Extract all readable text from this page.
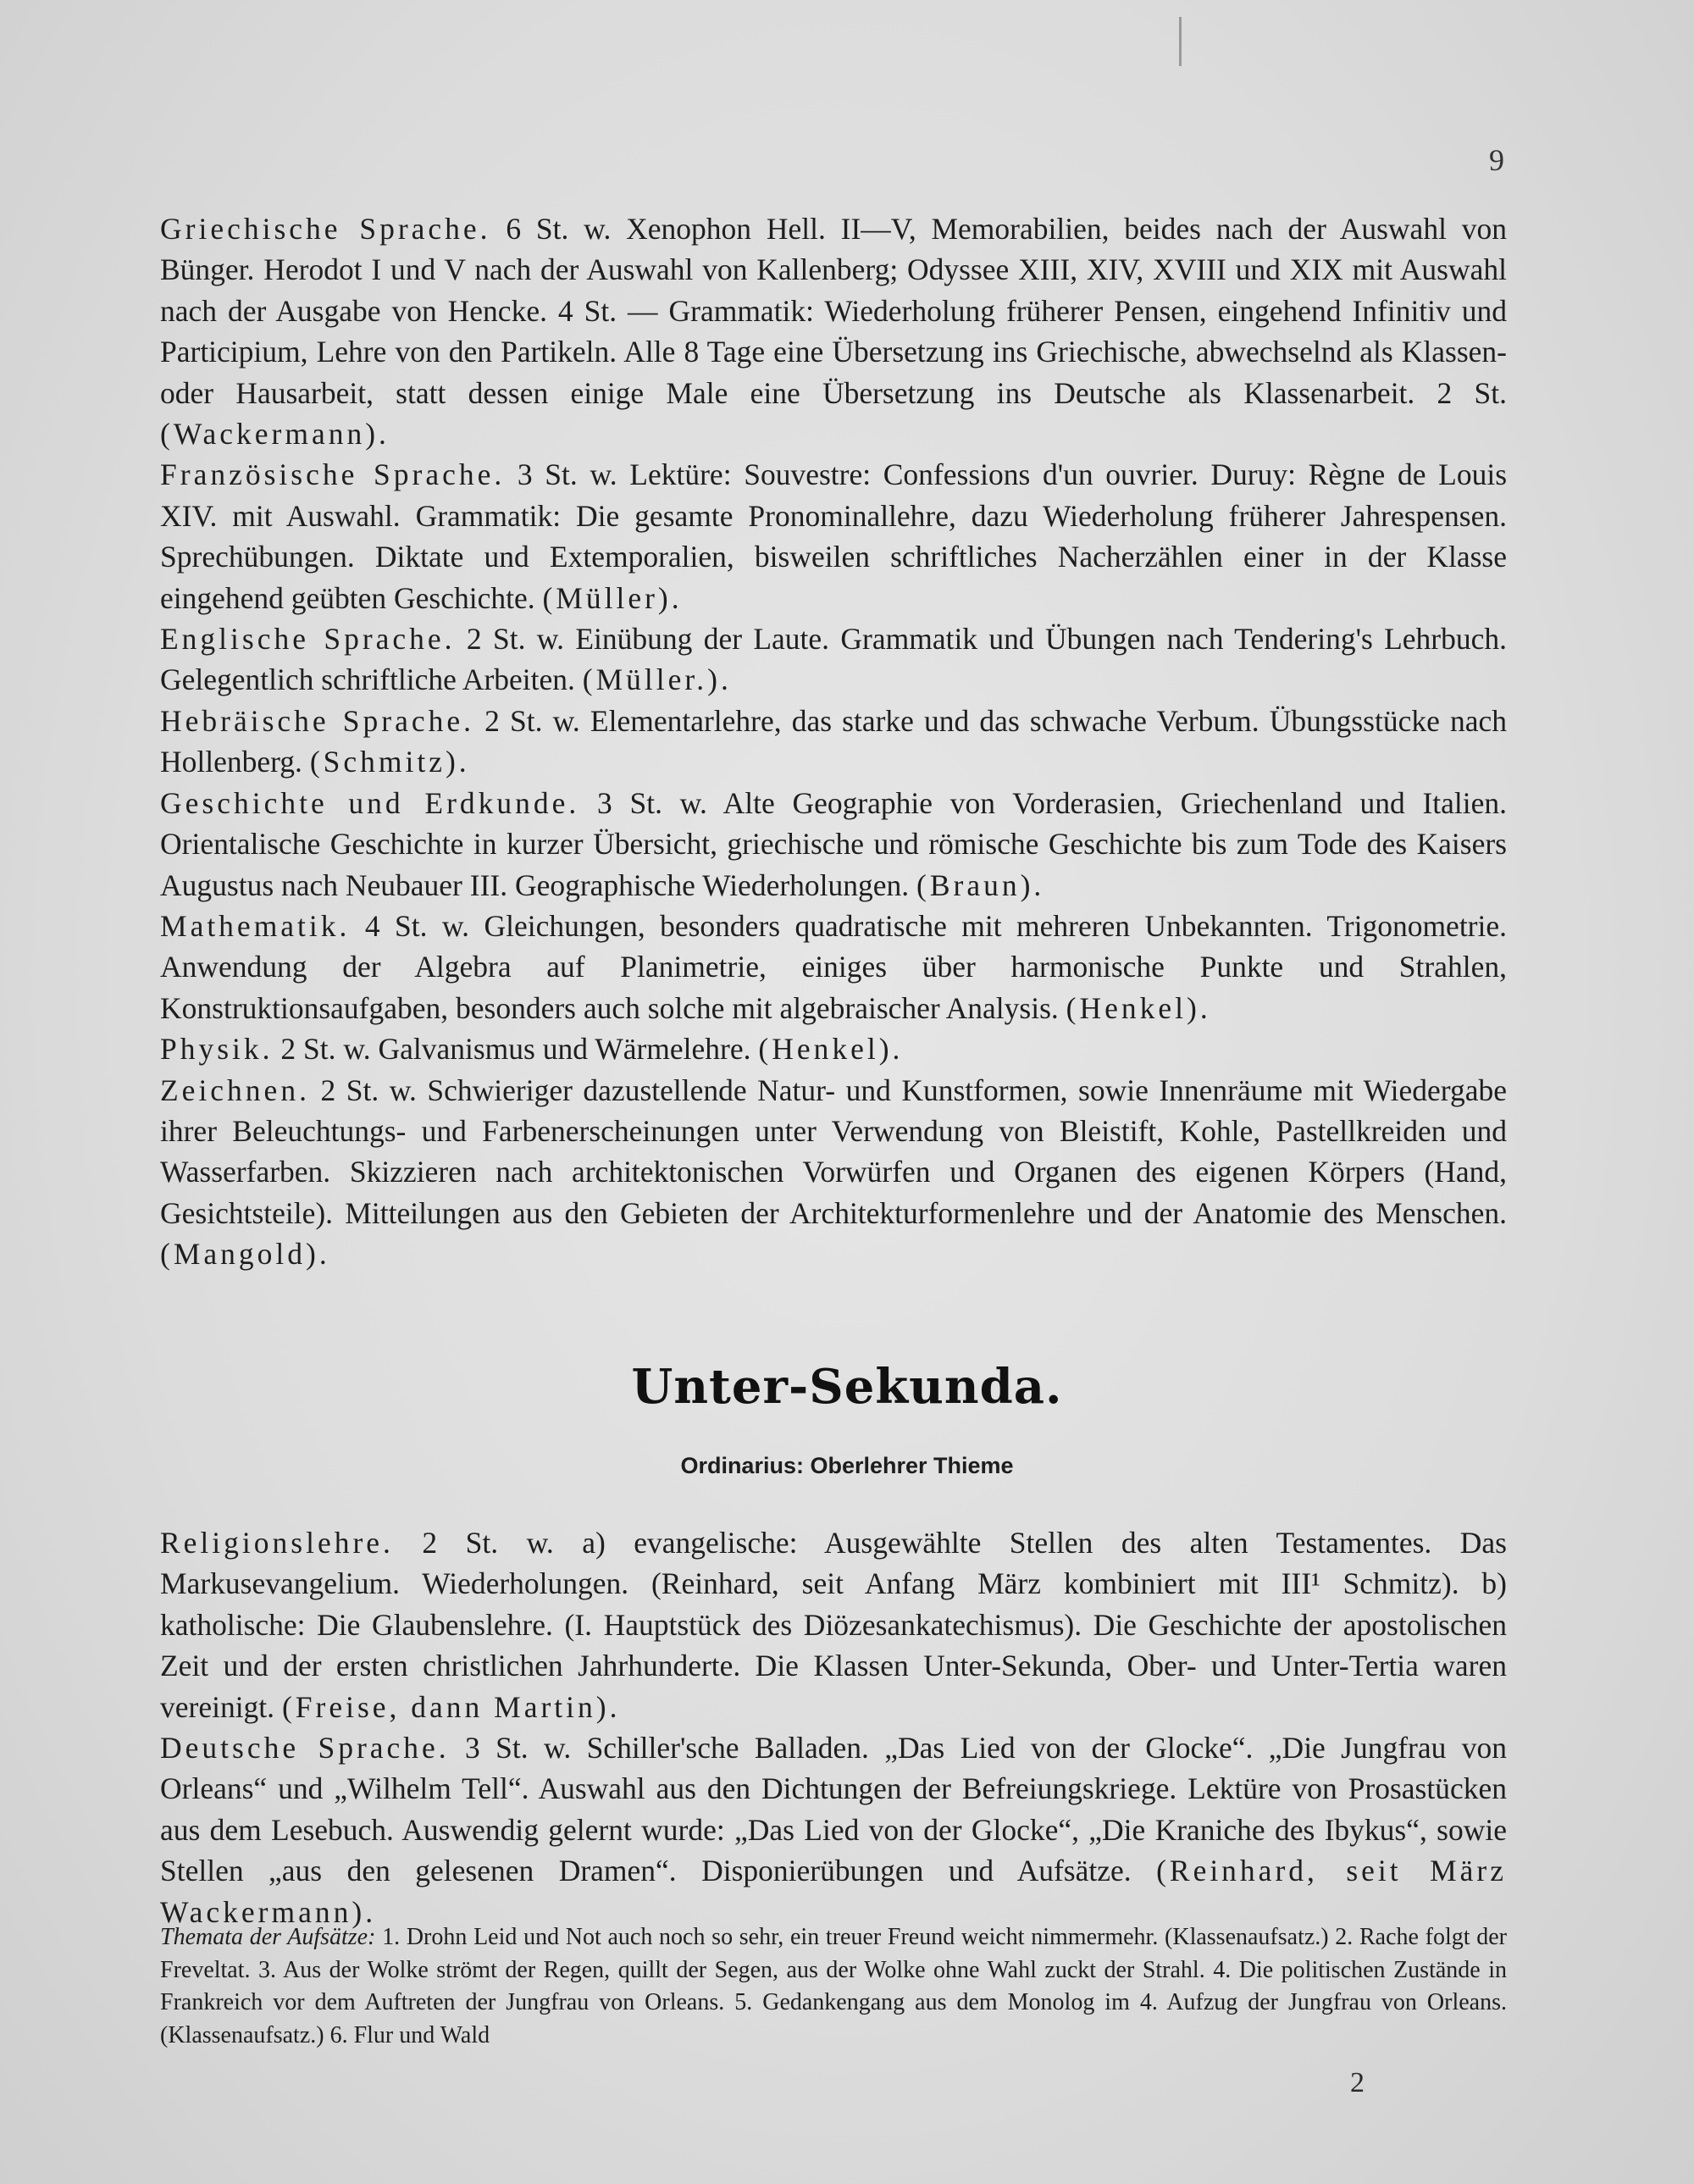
9

Griechische Sprache. 6 St. w. Xenophon Hell. II—V, Memorabilien, beides nach der Auswahl von Bünger. Herodot I und V nach der Auswahl von Kallenberg; Odyssee XIII, XIV, XVIII und XIX mit Auswahl nach der Ausgabe von Hencke. 4 St. — Grammatik: Wiederholung früherer Pensen, eingehend Infinitiv und Participium, Lehre von den Partikeln. Alle 8 Tage eine Übersetzung ins Griechische, abwechselnd als Klassen- oder Hausarbeit, statt dessen einige Male eine Übersetzung ins Deutsche als Klassenarbeit. 2 St. (Wackermann).

Französische Sprache. 3 St. w. Lektüre: Souvestre: Confessions d'un ouvrier. Duruy: Règne de Louis XIV. mit Auswahl. Grammatik: Die gesamte Pronominallehre, dazu Wiederholung früherer Jahrespensen. Sprechübungen. Diktate und Extemporalien, bisweilen schriftliches Nacherzählen einer in der Klasse eingehend geübten Geschichte. (Müller).

Englische Sprache. 2 St. w. Einübung der Laute. Grammatik und Übungen nach Tendering's Lehrbuch. Gelegentlich schriftliche Arbeiten. (Müller.).

Hebräische Sprache. 2 St. w. Elementarlehre, das starke und das schwache Verbum. Übungsstücke nach Hollenberg. (Schmitz).

Geschichte und Erdkunde. 3 St. w. Alte Geographie von Vorderasien, Griechenland und Italien. Orientalische Geschichte in kurzer Übersicht, griechische und römische Geschichte bis zum Tode des Kaisers Augustus nach Neubauer III. Geographische Wiederholungen. (Braun).

Mathematik. 4 St. w. Gleichungen, besonders quadratische mit mehreren Unbekannten. Trigonometrie. Anwendung der Algebra auf Planimetrie, einiges über harmonische Punkte und Strahlen, Konstruktionsaufgaben, besonders auch solche mit algebraischer Analysis. (Henkel).

Physik. 2 St. w. Galvanismus und Wärmelehre. (Henkel).

Zeichnen. 2 St. w. Schwieriger dazustellende Natur- und Kunstformen, sowie Innenräume mit Wiedergabe ihrer Beleuchtungs- und Farbenerscheinungen unter Verwendung von Bleistift, Kohle, Pastellkreiden und Wasserfarben. Skizzieren nach architektonischen Vorwürfen und Organen des eigenen Körpers (Hand, Gesichtsteile). Mitteilungen aus den Gebieten der Architekturformenlehre und der Anatomie des Menschen. (Mangold).

Unter-Sekunda.
Ordinarius: Oberlehrer Thieme

Religionslehre. 2 St. w. a) evangelische: Ausgewählte Stellen des alten Testamentes. Das Markusevangelium. Wiederholungen. (Reinhard, seit Anfang März kombiniert mit III¹ Schmitz). b) katholische: Die Glaubenslehre. (I. Hauptstück des Diözesankatechismus). Die Geschichte der apostolischen Zeit und der ersten christlichen Jahrhunderte. Die Klassen Unter-Sekunda, Ober- und Unter-Tertia waren vereinigt. (Freise, dann Martin).

Deutsche Sprache. 3 St. w. Schiller'sche Balladen. „Das Lied von der Glocke“. „Die Jungfrau von Orleans“ und „Wilhelm Tell“. Auswahl aus den Dichtungen der Befreiungskriege. Lektüre von Prosastücken aus dem Lesebuch. Auswendig gelernt wurde: „Das Lied von der Glocke“, „Die Kraniche des Ibykus“, sowie Stellen „aus den gelesenen Dramen“. Disponierübungen und Aufsätze. (Reinhard, seit März Wackermann).

Themata der Aufsätze: 1. Drohn Leid und Not auch noch so sehr, ein treuer Freund weicht nimmermehr. (Klassenaufsatz.) 2. Rache folgt der Freveltat. 3. Aus der Wolke strömt der Regen, quillt der Segen, aus der Wolke ohne Wahl zuckt der Strahl. 4. Die politischen Zustände in Frankreich vor dem Auftreten der Jungfrau von Orleans. 5. Gedankengang aus dem Monolog im 4. Aufzug der Jungfrau von Orleans. (Klassenaufsatz.) 6. Flur und Wald

2
